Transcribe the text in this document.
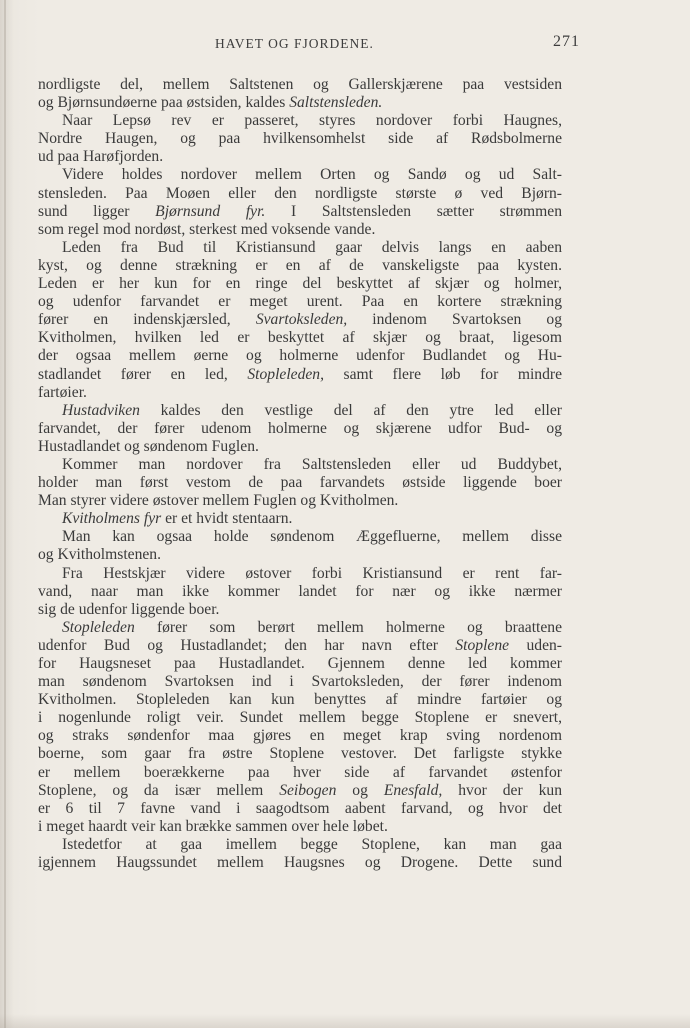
HAVET OG FJORDENE.	271
nordligste del, mellem Saltstenen og Gallerskjærene paa vestsiden
og Bjørnsundøerne paa østsiden, kaldes Saltstensleden.
Naar Lepsø rev er passeret, styres nordover forbi Haugnes,
Nordre Haugen, og paa hvilkensomhelst side af Rødsbolmerne
ud paa Harøfjorden.
Videre holdes nordover mellem Orten og Sandø og ud Salt-
stensleden. Paa Moøen eller den nordligste største ø ved Bjørn-
sund ligger Bjørnsund fyr. I Saltstensleden sætter strømmen
som regel mod nordøst, sterkest med voksende vande.
Leden fra Bud til Kristiansund gaar delvis langs en aaben
kyst, og denne strækning er en af de vanskeligste paa kysten.
Leden er her kun for en ringe del beskyttet af skjær og holmer,
og udenfor farvandet er meget urent. Paa en kortere strækning
fører en indenskjærsled, Svartoksleden, indenom Svartoksen og
Kvitholmen, hvilken led er beskyttet af skjær og braat, ligesom
der ogsaa mellem øerne og holmerne udenfor Budlandet og Hu-
stadlandet fører en led, Stopleleden, samt flere løb for mindre
fartøier.
Hustadviken kaldes den vestlige del af den ytre led eller
farvandet, der fører udenom holmerne og skjærene udfor Bud- og
Hustadlandet og søndenom Fuglen.
Kommer man nordover fra Saltstensleden eller ud Buddybet,
holder man først vestom de paa farvandets østside liggende boer
Man styrer videre østover mellem Fuglen og Kvitholmen.
Kvitholmens fyr er et hvidt stentaarn.
Man kan ogsaa holde søndenom Æggefluerne, mellem disse
og Kvitholmstenen.
Fra Hestskjær videre østover forbi Kristiansund er rent far-
vand, naar man ikke kommer landet for nær og ikke nærmer
sig de udenfor liggende boer.
Stopleleden fører som berørt mellem holmerne og braattene
udenfor Bud og Hustadlandet; den har navn efter Stoplene uden-
for Haugsneset paa Hustadlandet. Gjennem denne led kommer
man søndenom Svartoksen ind i Svartoksleden, der fører indenom
Kvitholmen. Stopleleden kan kun benyttes af mindre fartøier og
i nogenlunde roligt veir. Sundet mellem begge Stoplene er snevert,
og straks søndenfor maa gjøres en meget krap sving nordenom
boerne, som gaar fra østre Stoplene vestover. Det farligste stykke
er mellem boerækkerne paa hver side af farvandet østenfor
Stoplene, og da især mellem Seibogen og Enesfald, hvor der kun
er 6 til 7 favne vand i saagodtsom aabent farvand, og hvor det
i meget haardt veir kan brække sammen over hele løbet.
Istedetfor at gaa imellem begge Stoplene, kan man gaa
igjennem Haugssundet mellem Haugsnes og Drogene. Dette sund
